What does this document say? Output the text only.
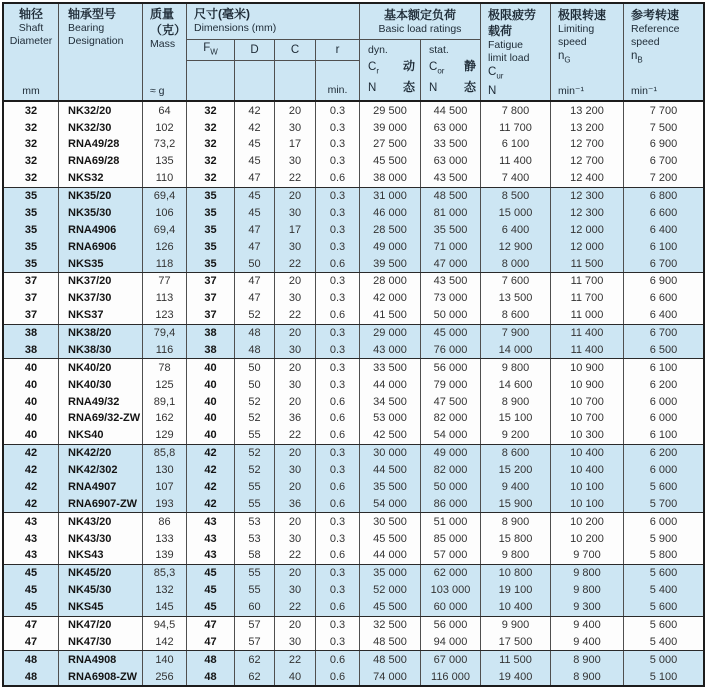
轴径
Shaft
Diameter
mm
轴承型号
Bearing
Designation
质量
（克）
Mass
≈ g
尺寸(毫米)
Dimensions (mm)
$F_W$	D	C	r
min.
基本额定负荷
Basic load ratings
dyn.
$C_r$ 动
N 态
stat.
$C_{or}$ 静
N 态
极限疲劳
载荷
Fatigue
limit load
$C_{ur}$
N
极限转速
Limiting
speed
$n_G$
min⁻¹
参考转速
Reference
speed
$n_B$
min⁻¹
32	NK32/20	64	32	42	20	0.3	29 500	44 500	7 800	13 200	7 700
32	NK32/30	102	32	42	30	0.3	39 000	63 000	11 700	13 200	7 500
32	RNA49/28	73,2	32	45	17	0.3	27 500	33 500	6 100	12 700	6 900
32	RNA69/28	135	32	45	30	0.3	45 500	63 000	11 400	12 700	6 700
32	NKS32	110	32	47	22	0.6	38 000	43 500	7 400	12 400	7 200
35	NK35/20	69,4	35	45	20	0.3	31 000	48 500	8 500	12 300	6 800
35	NK35/30	106	35	45	30	0.3	46 000	81 000	15 000	12 300	6 600
35	RNA4906	69,4	35	47	17	0.3	28 500	35 500	6 400	12 000	6 400
35	RNA6906	126	35	47	30	0.3	49 000	71 000	12 900	12 000	6 100
35	NKS35	118	35	50	22	0.6	39 500	47 000	8 000	11 500	6 700
37	NK37/20	77	37	47	20	0.3	28 000	43 500	7 600	11 700	6 900
37	NK37/30	113	37	47	30	0.3	42 000	73 000	13 500	11 700	6 600
37	NKS37	123	37	52	22	0.6	41 500	50 000	8 600	11 000	6 400
38	NK38/20	79,4	38	48	20	0.3	29 000	45 000	7 900	11 400	6 700
38	NK38/30	116	38	48	30	0.3	43 000	76 000	14 000	11 400	6 500
40	NK40/20	78	40	50	20	0.3	33 500	56 000	9 800	10 900	6 100
40	NK40/30	125	40	50	30	0.3	44 000	79 000	14 600	10 900	6 200
40	RNA49/32	89,1	40	52	20	0.6	34 500	47 500	8 900	10 700	6 000
40	RNA69/32-ZW	162	40	52	36	0.6	53 000	82 000	15 100	10 700	6 000
40	NKS40	129	40	55	22	0.6	42 500	54 000	9 200	10 300	6 100
42	NK42/20	85,8	42	52	20	0.3	30 000	49 000	8 600	10 400	6 200
42	NK42/302	130	42	52	30	0.3	44 500	82 000	15 200	10 400	6 000
42	RNA4907	107	42	55	20	0.6	35 500	50 000	9 400	10 100	5 600
42	RNA6907-ZW	193	42	55	36	0.6	54 000	86 000	15 900	10 100	5 700
43	NK43/20	86	43	53	20	0.3	30 500	51 000	8 900	10 200	6 000
43	NK43/30	133	43	53	30	0.3	45 500	85 000	15 800	10 200	5 900
43	NKS43	139	43	58	22	0.6	44 000	57 000	9 800	9 700	5 800
45	NK45/20	85,3	45	55	20	0.3	35 000	62 000	10 800	9 800	5 600
45	NK45/30	132	45	55	30	0.3	52 000	103 000	19 100	9 800	5 400
45	NKS45	145	45	60	22	0.6	45 500	60 000	10 400	9 300	5 600
47	NK47/20	94,5	47	57	20	0.3	32 500	56 000	9 900	9 400	5 600
47	NK47/30	142	47	57	30	0.3	48 500	94 000	17 500	9 400	5 400
48	RNA4908	140	48	62	22	0.6	48 500	67 000	11 500	8 900	5 000
48	RNA6908-ZW	256	48	62	40	0.6	74 000	116 000	19 400	8 900	5 100
